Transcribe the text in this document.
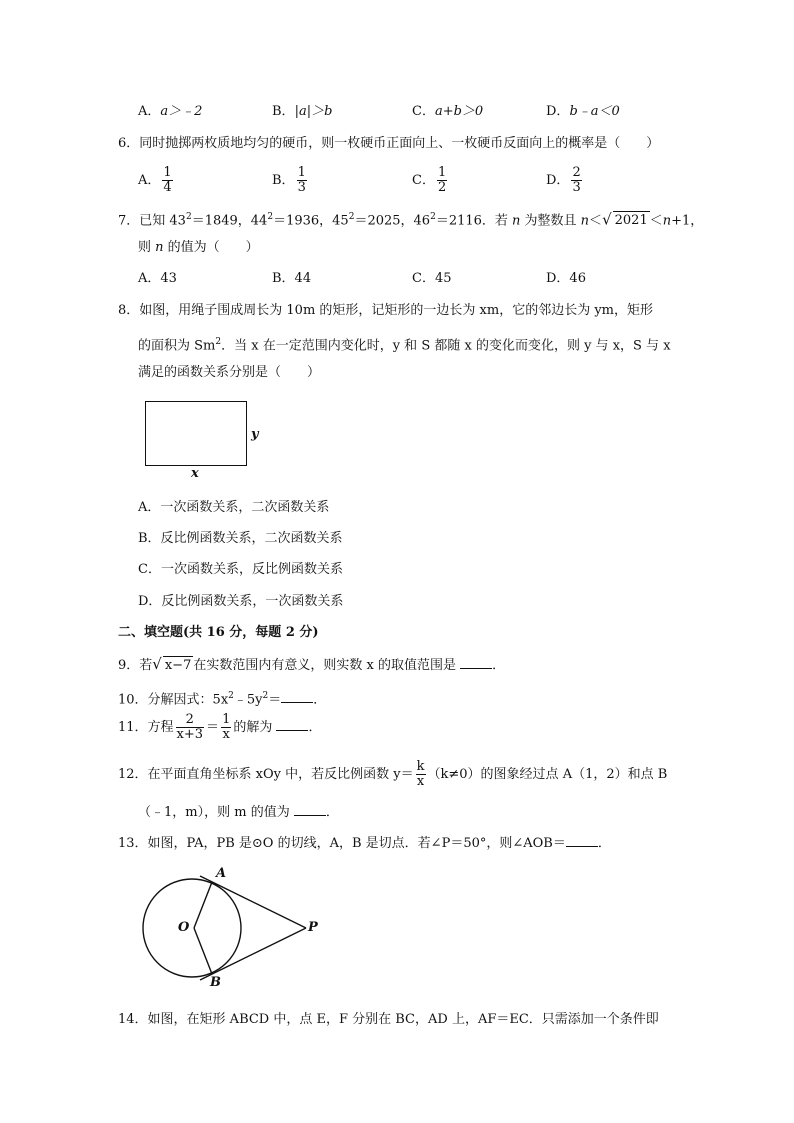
A．a＞﹣2	B．|a|＞b	C．a+b＞0	D．b﹣a＜0
6．同时抛掷两枚质地均匀的硬币，则一枚硬币正面向上、一枚硬币反面向上的概率是（　　）
A． $\frac{1}{4}$	B． $\frac{1}{3}$	C． $\frac{1}{2}$	D． $\frac{2}{3}$
7．已知 $43^2=1849$，$44^2=1936$，$45^2=2025$，$46^2=2116$．若 n 为整数且 n＜√ 2021 ＜n+1，
则 n 的值为（　　）
A．43	B．44	C．45	D．46
8．如图，用绳子围成周长为 10m 的矩形，记矩形的一边长为 xm，它的邻边长为 ym，矩形
的面积为 Sm$^2$．当 x 在一定范围内变化时，y 和 S 都随 x 的变化而变化，则 y 与 x，S 与 x
满足的函数关系分别是（　　）
y
x
A．一次函数关系，二次函数关系
B．反比例函数关系，二次函数关系
C．一次函数关系，反比例函数关系
D．反比例函数关系，一次函数关系
二、填空题(共 16 分，每题 2 分)
9．若√ x−7 在实数范围内有意义，则实数 x 的取值范围是 ．
10．分解因式：$5x^2﹣5y^2=$ ．
11．方程 $\frac{2}{x+3} = \frac{1}{x}$ 的解为 ．
12．在平面直角坐标系 xOy 中，若反比例函数 $y= \frac{k}{x} (k\ne 0)$的图象经过点 A（1，2）和点 B
（﹣1，m），则 m 的值为 ．
13．如图，PA，PB 是⊙O 的切线，A，B 是切点．若∠P＝50°，则∠AOB＝ ．
A
O	P
B
14．如图，在矩形 ABCD 中，点 E，F 分别在 BC，AD 上，AF＝EC．只需添加一个条件即
